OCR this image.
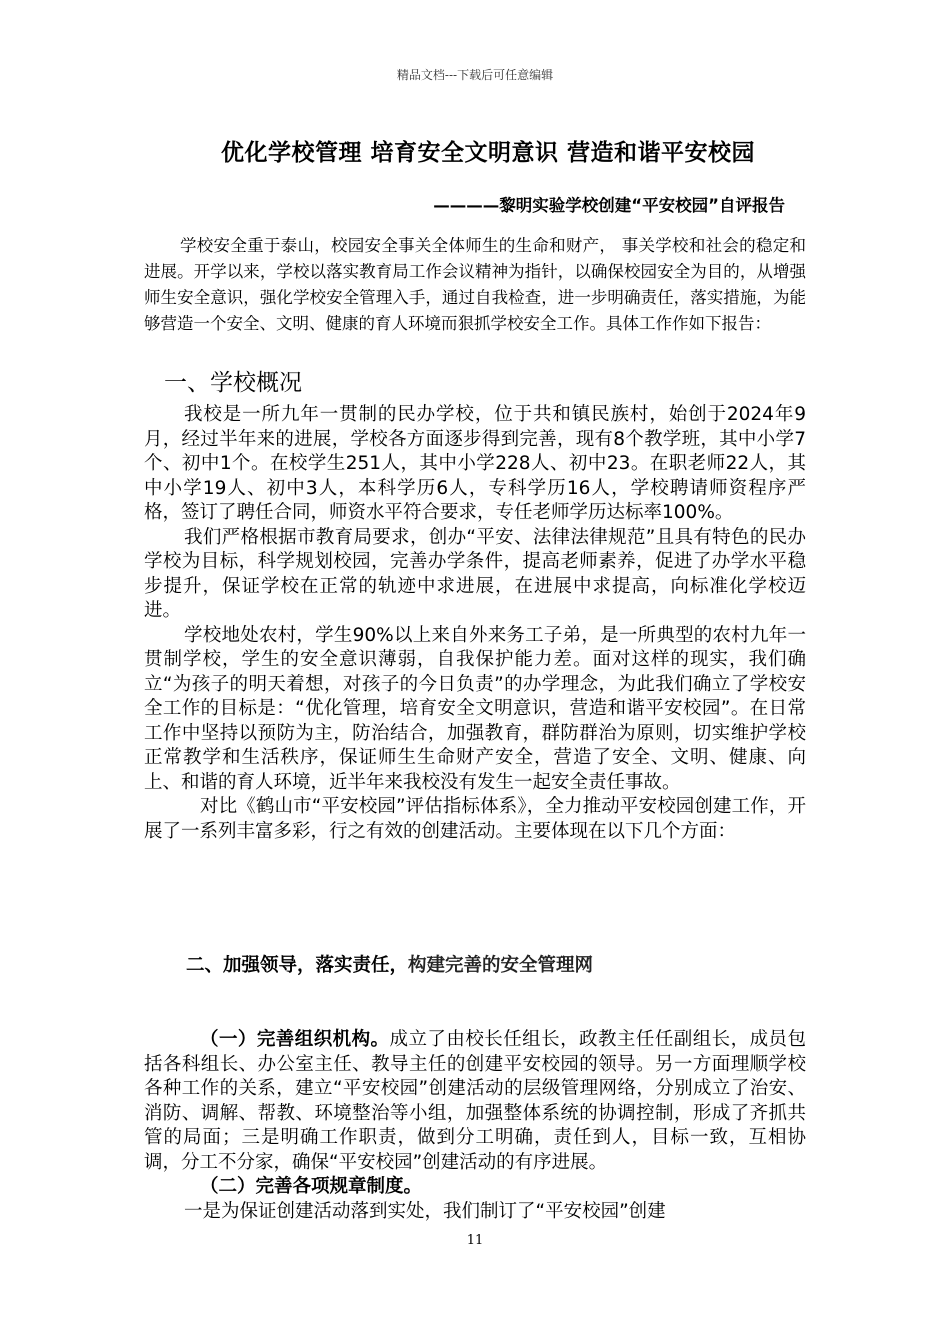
精品文档---下载后可任意编辑
优化学校管理 培育安全文明意识 营造和谐平安校园
————黎明实验学校创建“平安校园”自评报告
学校安全重于泰山，校园安全事关全体师生的生命和财产， 事关学校和社会的稳定和进展。开学以来，学校以落实教育局工作会议精神为指针，以确保校园安全为目的，从增强师生安全意识，强化学校安全管理入手，通过自我检查，进一步明确责任，落实措施，为能够营造一个安全、文明、健康的育人环境而狠抓学校安全工作。具体工作作如下报告：
一、学校概况

我校是一所九年一贯制的民办学校，位于共和镇民族村，始创于2024年9月，经过半年来的进展，学校各方面逐步得到完善，现有8个教学班，其中小学7个、初中1个。在校学生251人，其中小学228人、初中23。在职老师22人，其中小学19人、初中3人，本科学历6人，专科学历16人，学校聘请师资程序严格，签订了聘任合同，师资水平符合要求，专任老师学历达标率100%。

我们严格根据市教育局要求，创办“平安、法律法律规范”且具有特色的民办学校为目标，科学规划校园，完善办学条件，提高老师素养，促进了办学水平稳步提升，保证学校在正常的轨迹中求进展，在进展中求提高，向标准化学校迈进。

学校地处农村，学生90%以上来自外来务工子弟，是一所典型的农村九年一贯制学校，学生的安全意识薄弱，自我保护能力差。面对这样的现实，我们确立“为孩子的明天着想，对孩子的今日负责”的办学理念，为此我们确立了学校安全工作的目标是：“优化管理，培育安全文明意识，营造和谐平安校园”。在日常工作中坚持以预防为主，防治结合，加强教育，群防群治为原则，切实维护学校正常教学和生活秩序，保证师生生命财产安全，营造了安全、文明、健康、向上、和谐的育人环境，近半年来我校没有发生一起安全责任事故。

对比《鹤山市“平安校园”评估指标体系》，全力推动平安校园创建工作，开展了一系列丰富多彩，行之有效的创建活动。主要体现在以下几个方面：

二、加强领导，落实责任，构建完善的安全管理网

（一）完善组织机构。成立了由校长任组长，政教主任任副组长，成员包括各科组长、办公室主任、教导主任的创建平安校园的领导。另一方面理顺学校各种工作的关系，建立“平安校园”创建活动的层级管理网络，分别成立了治安、消防、调解、帮教、环境整治等小组，加强整体系统的协调控制，形成了齐抓共管的局面；三是明确工作职责，做到分工明确，责任到人，目标一致，互相协调，分工不分家，确保“平安校园”创建活动的有序进展。

（二）完善各项规章制度。

一是为保证创建活动落到实处，我们制订了“平安校园”创建

11
